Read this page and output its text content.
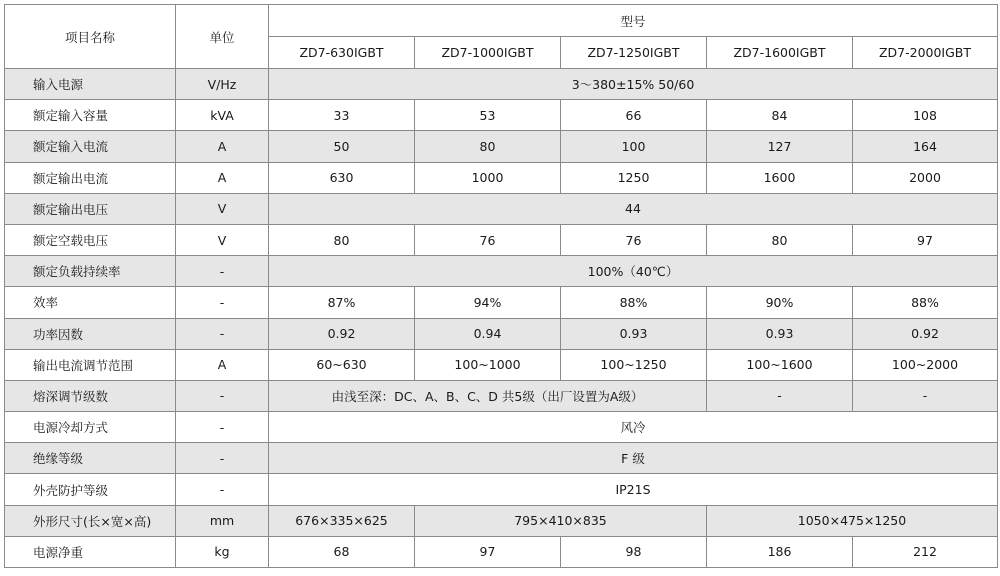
项目名称	单位	型号				
		ZD7-630IGBT	ZD7-1000IGBT	ZD7-1250IGBT	ZD7-1600IGBT	ZD7-2000IGBT
输入电源	V/Hz	3～380±15% 50/60				
额定输入容量	kVA	33	53	66	84	108
额定输入电流	A	50	80	100	127	164
额定输出电流	A	630	1000	1250	1600	2000
额定输出电压	V	44				
额定空载电压	V	80	76	76	80	97
额定负载持续率	-	100%（40℃）				
效率	-	87%	94%	88%	90%	88%
功率因数	-	0.92	0.94	0.93	0.93	0.92
输出电流调节范围	A	60~630	100~1000	100~1250	100~1600	100~2000
熔深调节级数	-	由浅至深：DC、A、B、C、D 共5级（出厂设置为A级）			-	-
电源冷却方式	-	风冷				
绝缘等级	-	F 级				
外壳防护等级	-	IP21S				
外形尺寸(长×宽×高)	mm	676×335×625	795×410×835		1050×475×1250	
电源净重	kg	68	97	98	186	212
